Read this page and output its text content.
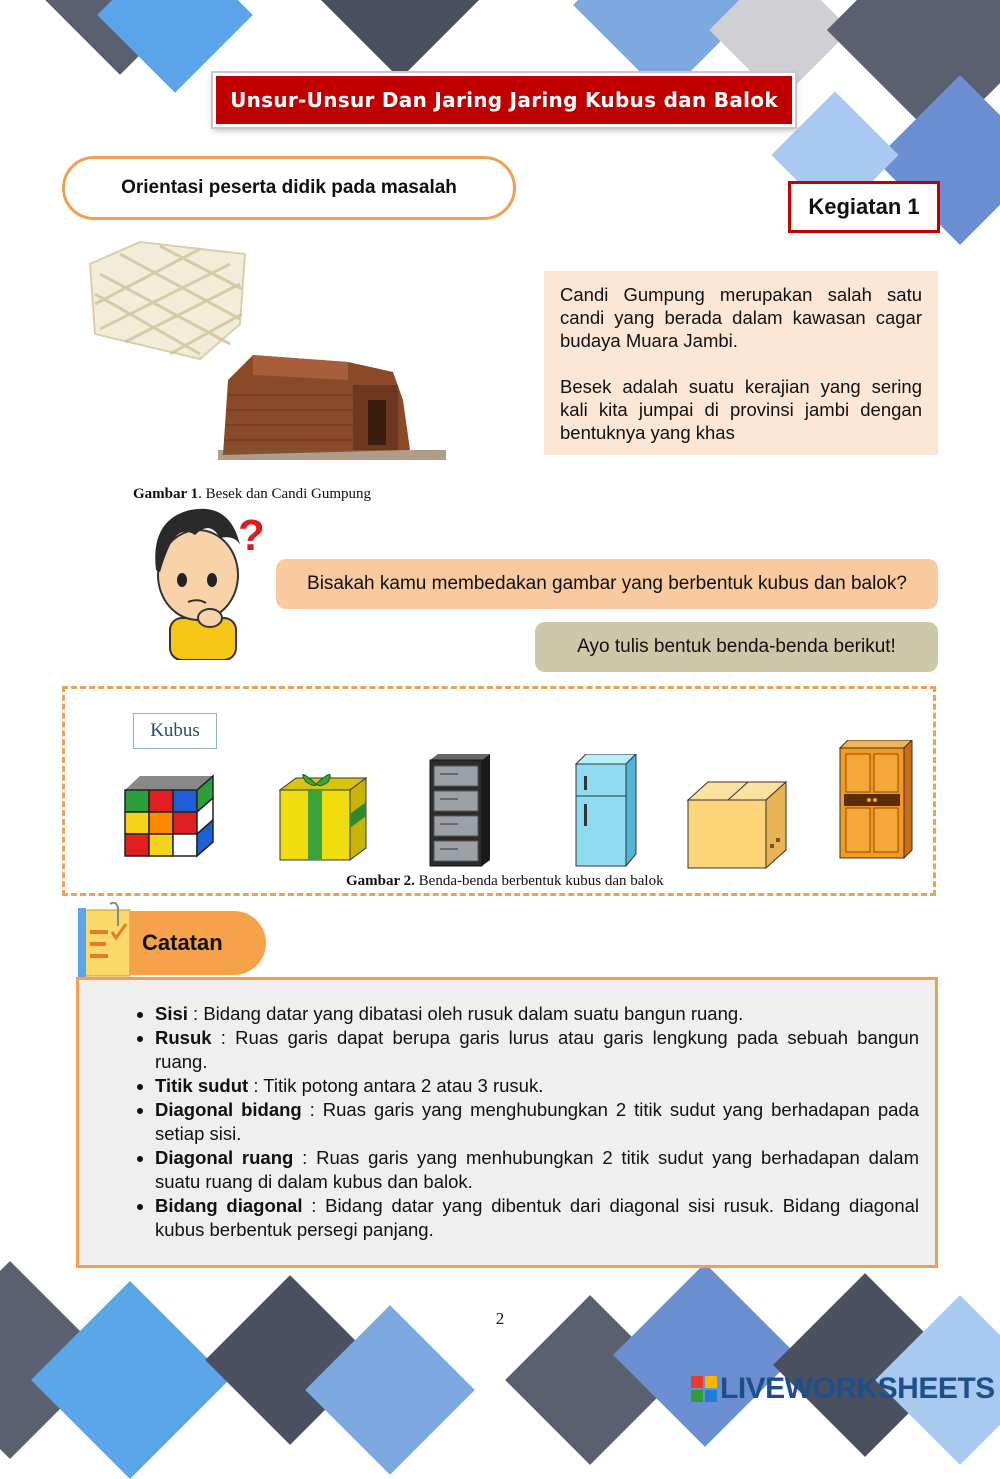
Unsur-Unsur Dan Jaring Jaring Kubus dan Balok
Orientasi peserta didik pada masalah
Kegiatan 1

Candi Gumpung merupakan salah satu candi yang berada dalam kawasan cagar budaya Muara Jambi.

Besek adalah suatu kerajian yang sering kali kita jumpai di provinsi jambi dengan bentuknya yang khas

Gambar 1. Besek dan Candi Gumpung
?
Bisakah kamu membedakan gambar yang berbentuk kubus dan balok?
Ayo tulis bentuk benda-benda berikut!
Kubus
Gambar 2. Benda-benda berbentuk kubus dan balok
Catatan
• Sisi : Bidang datar yang dibatasi oleh rusuk dalam suatu bangun ruang.
• Rusuk : Ruas garis dapat berupa garis lurus atau garis lengkung pada sebuah bangun ruang.
• Titik sudut : Titik potong antara 2 atau 3 rusuk.
• Diagonal bidang : Ruas garis yang menghubungkan 2 titik sudut yang berhadapan pada setiap sisi.
• Diagonal ruang : Ruas garis yang menhubungkan 2 titik sudut yang berhadapan dalam suatu ruang di dalam kubus dan balok.
• Bidang diagonal : Bidang datar yang dibentuk dari diagonal sisi rusuk. Bidang diagonal kubus berbentuk persegi panjang.
2
LIVEWORKSHEETS
